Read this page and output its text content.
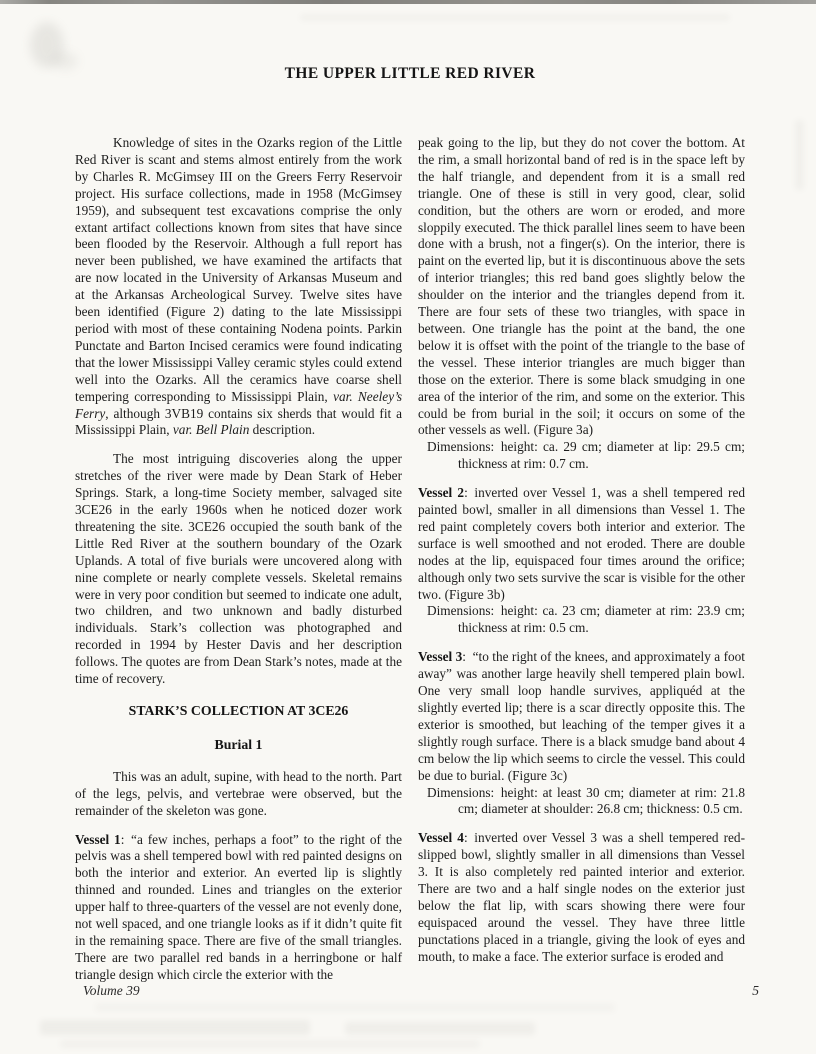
THE UPPER LITTLE RED RIVER

Knowledge of sites in the Ozarks region of the Little Red River is scant and stems almost entirely from the work by Charles R. McGimsey III on the Greers Ferry Reservoir project. His surface collections, made in 1958 (McGimsey 1959), and subsequent test excavations comprise the only extant artifact collections known from sites that have since been flooded by the Reservoir. Although a full report has never been published, we have examined the artifacts that are now located in the University of Arkansas Museum and at the Arkansas Archeological Survey. Twelve sites have been identified (Figure 2) dating to the late Mississippi period with most of these containing Nodena points. Parkin Punctate and Barton Incised ceramics were found indicating that the lower Mississippi Valley ceramic styles could extend well into the Ozarks. All the ceramics have coarse shell tempering corresponding to Mississippi Plain, var. Neeley’s Ferry, although 3VB19 contains six sherds that would fit a Mississippi Plain, var. Bell Plain description.

The most intriguing discoveries along the upper stretches of the river were made by Dean Stark of Heber Springs. Stark, a long-time Society member, salvaged site 3CE26 in the early 1960s when he noticed dozer work threatening the site. 3CE26 occupied the south bank of the Little Red River at the southern boundary of the Ozark Uplands. A total of five burials were uncovered along with nine complete or nearly complete vessels. Skeletal remains were in very poor condition but seemed to indicate one adult, two children, and two unknown and badly disturbed individuals. Stark’s collection was photographed and recorded in 1994 by Hester Davis and her description follows. The quotes are from Dean Stark’s notes, made at the time of recovery.

STARK’S COLLECTION AT 3CE26
Burial 1

This was an adult, supine, with head to the north. Part of the legs, pelvis, and vertebrae were observed, but the remainder of the skeleton was gone.

Vessel 1: “a few inches, perhaps a foot” to the right of the pelvis was a shell tempered bowl with red painted designs on both the interior and exterior. An everted lip is slightly thinned and rounded. Lines and triangles on the exterior upper half to three-quarters of the vessel are not evenly done, not well spaced, and one triangle looks as if it didn’t quite fit in the remaining space. There are five of the small triangles. There are two parallel red bands in a herringbone or half triangle design which circle the exterior with the

peak going to the lip, but they do not cover the bottom. At the rim, a small horizontal band of red is in the space left by the half triangle, and dependent from it is a small red triangle. One of these is still in very good, clear, solid condition, but the others are worn or eroded, and more sloppily executed. The thick parallel lines seem to have been done with a brush, not a finger(s). On the interior, there is paint on the everted lip, but it is discontinuous above the sets of interior triangles; this red band goes slightly below the shoulder on the interior and the triangles depend from it. There are four sets of these two triangles, with space in between. One triangle has the point at the band, the one below it is offset with the point of the triangle to the base of the vessel. These interior triangles are much bigger than those on the exterior. There is some black smudging in one area of the interior of the rim, and some on the exterior. This could be from burial in the soil; it occurs on some of the other vessels as well. (Figure 3a)

Dimensions: height: ca. 29 cm; diameter at lip: 29.5 cm; thickness at rim: 0.7 cm.

Vessel 2: inverted over Vessel 1, was a shell tempered red painted bowl, smaller in all dimensions than Vessel 1. The red paint completely covers both interior and exterior. The surface is well smoothed and not eroded. There are double nodes at the lip, equispaced four times around the orifice; although only two sets survive the scar is visible for the other two. (Figure 3b)

Dimensions: height: ca. 23 cm; diameter at rim: 23.9 cm; thickness at rim: 0.5 cm.

Vessel 3: “to the right of the knees, and approximately a foot away” was another large heavily shell tempered plain bowl. One very small loop handle survives, appliquéd at the slightly everted lip; there is a scar directly opposite this. The exterior is smoothed, but leaching of the temper gives it a slightly rough surface. There is a black smudge band about 4 cm below the lip which seems to circle the vessel. This could be due to burial. (Figure 3c)

Dimensions: height: at least 30 cm; diameter at rim: 21.8 cm; diameter at shoulder: 26.8 cm; thickness: 0.5 cm.

Vessel 4: inverted over Vessel 3 was a shell tempered red-slipped bowl, slightly smaller in all dimensions than Vessel 3. It is also completely red painted interior and exterior. There are two and a half single nodes on the exterior just below the flat lip, with scars showing there were four equispaced around the vessel. They have three little punctations placed in a triangle, giving the look of eyes and mouth, to make a face. The exterior surface is eroded and

Volume 39	5
